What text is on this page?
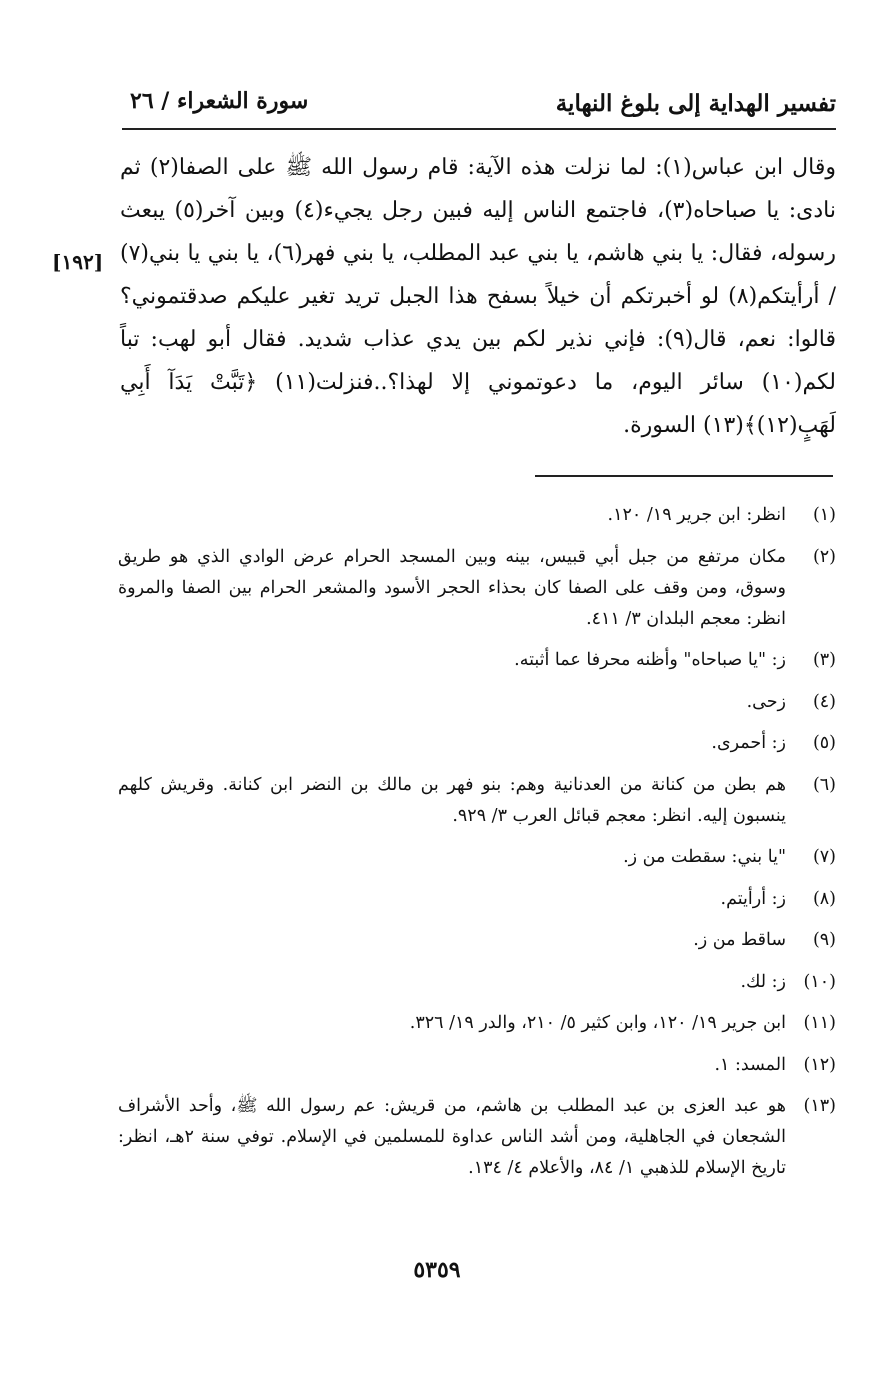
تفسير الهداية إلى بلوغ النهاية
سورة الشعراء / ٢٦
[١٩٢]

وقال ابن عباس(١): لما نزلت هذه الآية: قام رسول الله ﷺ على الصفا(٢) ثم نادى: يا صباحاه(٣)، فاجتمع الناس إليه فبين رجل يجيء(٤) وبين آخر(٥) يبعث رسوله، فقال: يا بني هاشم، يا بني عبد المطلب، يا بني فهر(٦)، يا بني يا بني(٧) / أرأيتكم(٨) لو أخبرتكم أن خيلاً بسفح هذا الجبل تريد تغير عليكم صدقتموني؟ قالوا: نعم، قال(٩): فإني نذير لكم بين يدي عذاب شديد. فقال أبو لهب: تباً لكم(١٠) سائر اليوم، ما دعوتموني إلا لهذا؟..فنزلت(١١) ﴿تَبَّتْ يَدَآ أَبِي لَهَبٍ(١٢)﴾(١٣) السورة.

(١)
انظر: ابن جرير ١٩/ ١٢٠.
(٢)
مكان مرتفع من جبل أبي قبيس، بينه وبين المسجد الحرام عرض الوادي الذي هو طريق وسوق، ومن وقف على الصفا كان بحذاء الحجر الأسود والمشعر الحرام بين الصفا والمروة انظر: معجم البلدان ٣/ ٤١١.
(٣)
ز: "يا صباحاه" وأظنه محرفا عما أثبته.
(٤)
زحى.
(٥)
ز: أحمرى.
(٦)
هم بطن من كنانة من العدنانية وهم: بنو فهر بن مالك بن النضر ابن كنانة. وقريش كلهم ينسبون إليه. انظر: معجم قبائل العرب ٣/ ٩٢٩.
(٧)
"يا بني: سقطت من ز.
(٨)
ز: أرأيتم.
(٩)
ساقط من ز.
(١٠)
ز: لك.
(١١)
ابن جرير ١٩/ ١٢٠، وابن كثير ٥/ ٢١٠، والدر ١٩/ ٣٢٦.
(١٢)
المسد: ١.
(١٣)
هو عبد العزى بن عبد المطلب بن هاشم، من قريش: عم رسول الله ﷺ، وأحد الأشراف الشجعان في الجاهلية، ومن أشد الناس عداوة للمسلمين في الإسلام. توفي سنة ٢هـ، انظر: تاريخ الإسلام للذهبي ١/ ٨٤، والأعلام ٤/ ١٣٤.
٥٣٥٩
